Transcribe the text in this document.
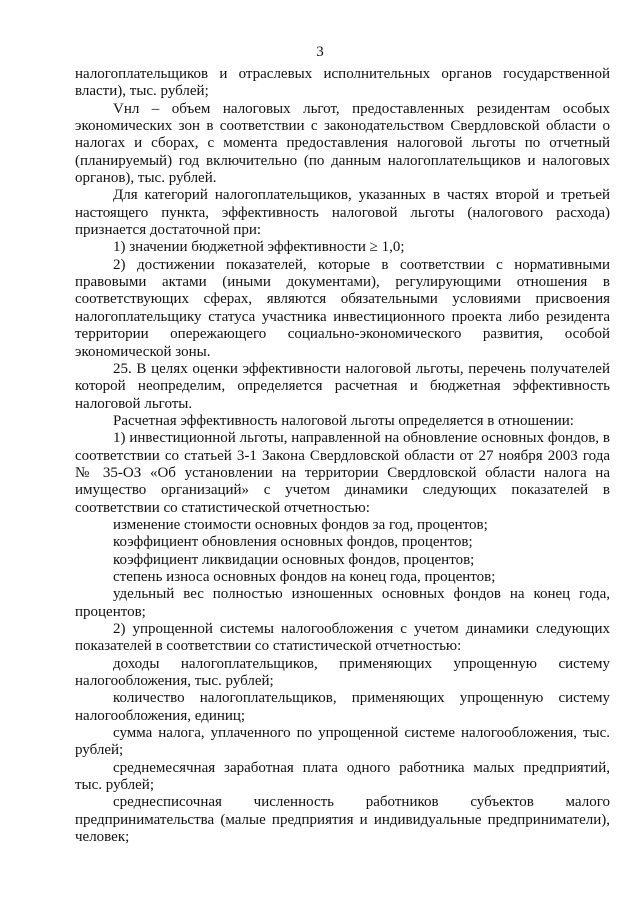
3

налогоплательщиков и отраслевых исполнительных органов государственной власти), тыс. рублей;

Vнл – объем налоговых льгот, предоставленных резидентам особых экономических зон в соответствии с законодательством Свердловской области о налогах и сборах, с момента предоставления налоговой льготы по отчетный (планируемый) год включительно (по данным налогоплательщиков и налоговых органов), тыс. рублей.

Для категорий налогоплательщиков, указанных в частях второй и третьей настоящего пункта, эффективность налоговой льготы (налогового расхода) признается достаточной при:

1) значении бюджетной эффективности ≥ 1,0;

2) достижении показателей, которые в соответствии с нормативными правовыми актами (иными документами), регулирующими отношения в соответствующих сферах, являются обязательными условиями присвоения налогоплательщику статуса участника инвестиционного проекта либо резидента территории опережающего социально-экономического развития, особой экономической зоны.

25. В целях оценки эффективности налоговой льготы, перечень получателей которой неопределим, определяется расчетная и бюджетная эффективность налоговой льготы.

Расчетная эффективность налоговой льготы определяется в отношении:

1) инвестиционной льготы, направленной на обновление основных фондов, в соответствии со статьей 3-1 Закона Свердловской области от 27 ноября 2003 года № 35-ОЗ «Об установлении на территории Свердловской области налога на имущество организаций» с учетом динамики следующих показателей в соответствии со статистической отчетностью:

изменение стоимости основных фондов за год, процентов;

коэффициент обновления основных фондов, процентов;

коэффициент ликвидации основных фондов, процентов;

степень износа основных фондов на конец года, процентов;

удельный вес полностью изношенных основных фондов на конец года, процентов;

2) упрощенной системы налогообложения с учетом динамики следующих показателей в соответствии со статистической отчетностью:

доходы налогоплательщиков, применяющих упрощенную систему налогообложения, тыс. рублей;

количество налогоплательщиков, применяющих упрощенную систему налогообложения, единиц;

сумма налога, уплаченного по упрощенной системе налогообложения, тыс. рублей;

среднемесячная заработная плата одного работника малых предприятий, тыс. рублей;

среднесписочная численность работников субъектов малого предпринимательства (малые предприятия и индивидуальные предприниматели), человек;
